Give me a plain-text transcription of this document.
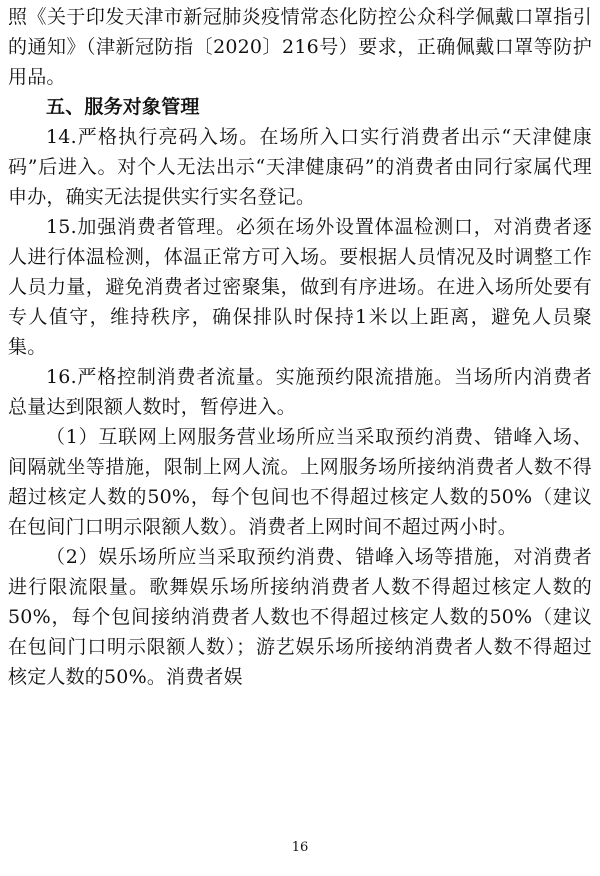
照《关于印发天津市新冠肺炎疫情常态化防控公众科学佩戴口罩指引的通知》（津新冠防指〔2020〕216号）要求，正确佩戴口罩等防护用品。

五、服务对象管理

14.严格执行亮码入场。在场所入口实行消费者出示“天津健康码”后进入。对个人无法出示“天津健康码”的消费者由同行家属代理申办，确实无法提供实行实名登记。

15.加强消费者管理。必须在场外设置体温检测口，对消费者逐人进行体温检测，体温正常方可入场。要根据人员情况及时调整工作人员力量，避免消费者过密聚集，做到有序进场。在进入场所处要有专人值守，维持秩序，确保排队时保持1米以上距离，避免人员聚集。

16.严格控制消费者流量。实施预约限流措施。当场所内消费者总量达到限额人数时，暂停进入。

（1）互联网上网服务营业场所应当采取预约消费、错峰入场、间隔就坐等措施，限制上网人流。上网服务场所接纳消费者人数不得超过核定人数的50%，每个包间也不得超过核定人数的50%（建议在包间门口明示限额人数）。消费者上网时间不超过两小时。

（2）娱乐场所应当采取预约消费、错峰入场等措施，对消费者进行限流限量。歌舞娱乐场所接纳消费者人数不得超过核定人数的50%，每个包间接纳消费者人数也不得超过核定人数的50%（建议在包间门口明示限额人数）；游艺娱乐场所接纳消费者人数不得超过核定人数的50%。消费者娱

16
